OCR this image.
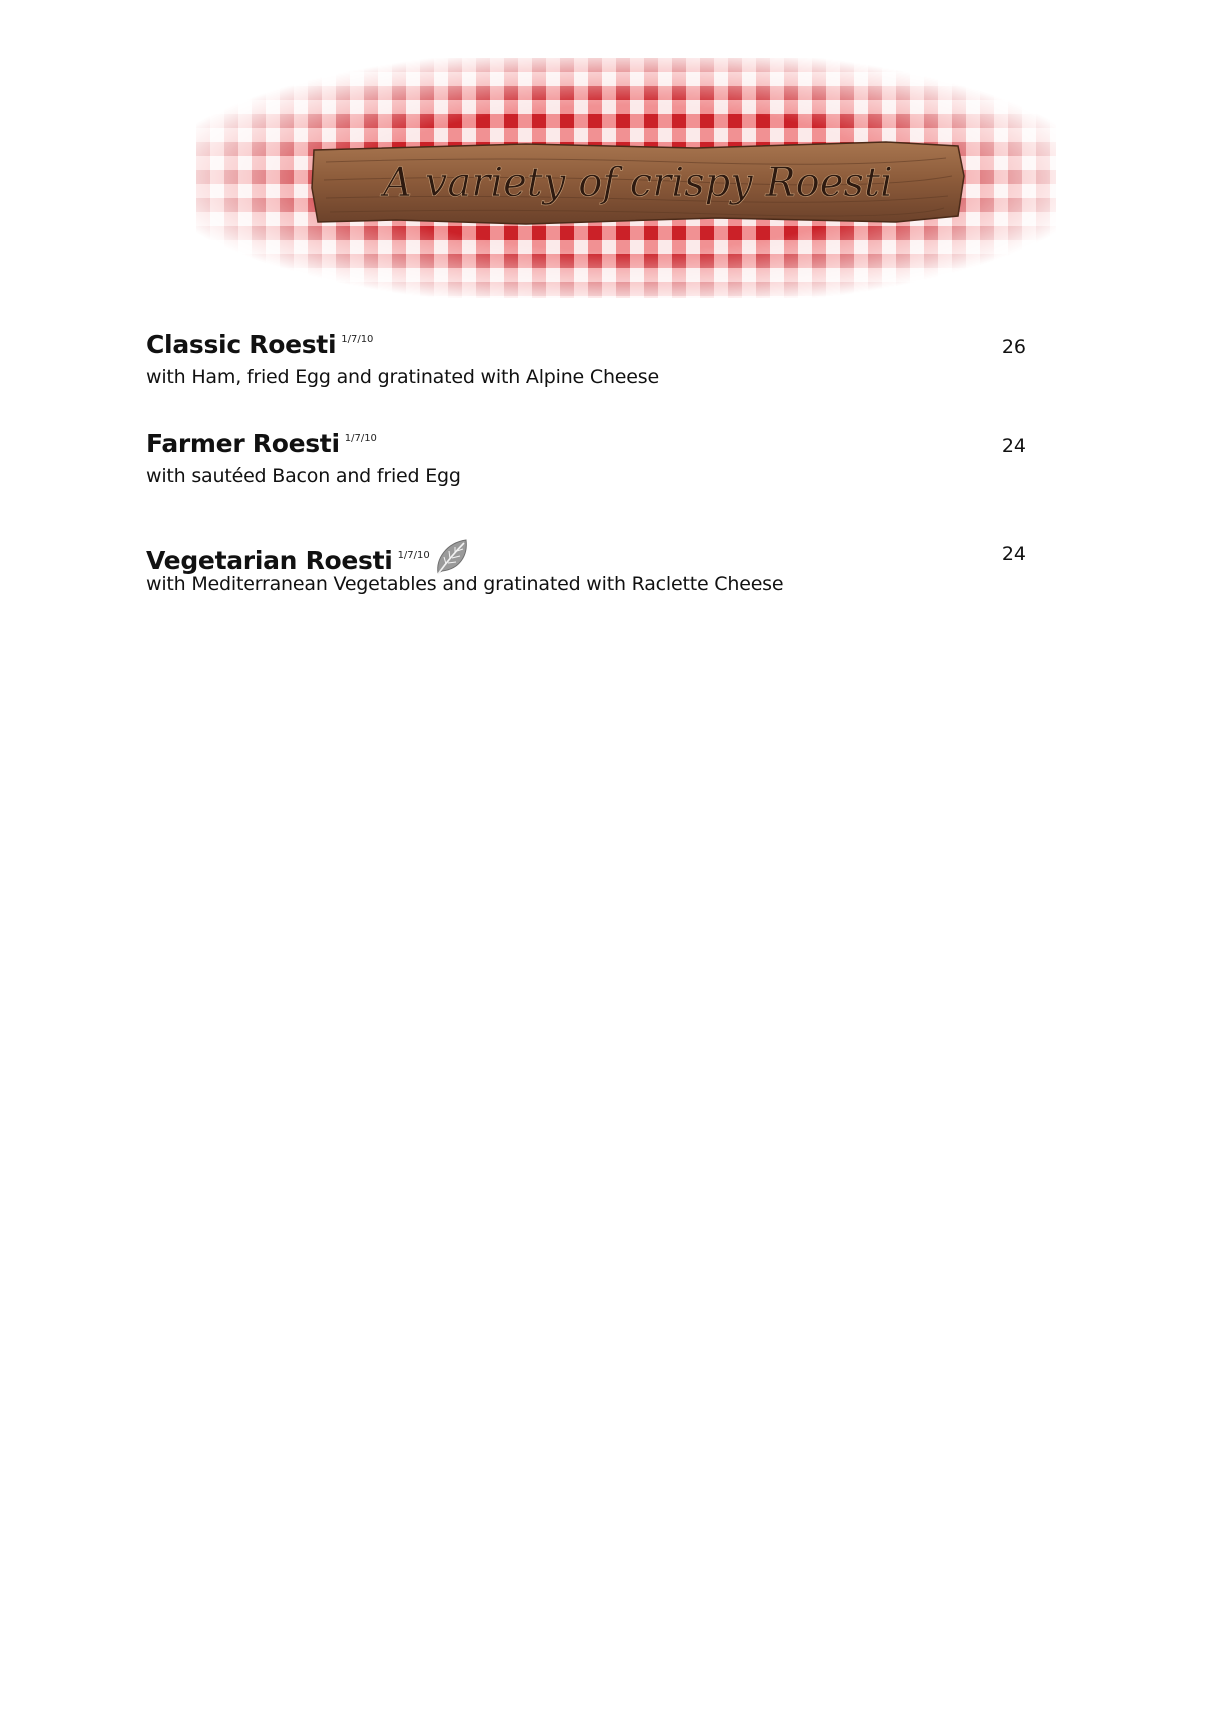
A variety of crispy Roesti
Classic Roesti $^{1/7/10}$	26
with Ham, fried Egg and gratinated with Alpine Cheese
Farmer Roesti $^{1/7/10}$	24
with sautéed Bacon and fried Egg
Vegetarian Roesti $^{1/7/10}$	24
with Mediterranean Vegetables and gratinated with Raclette Cheese
